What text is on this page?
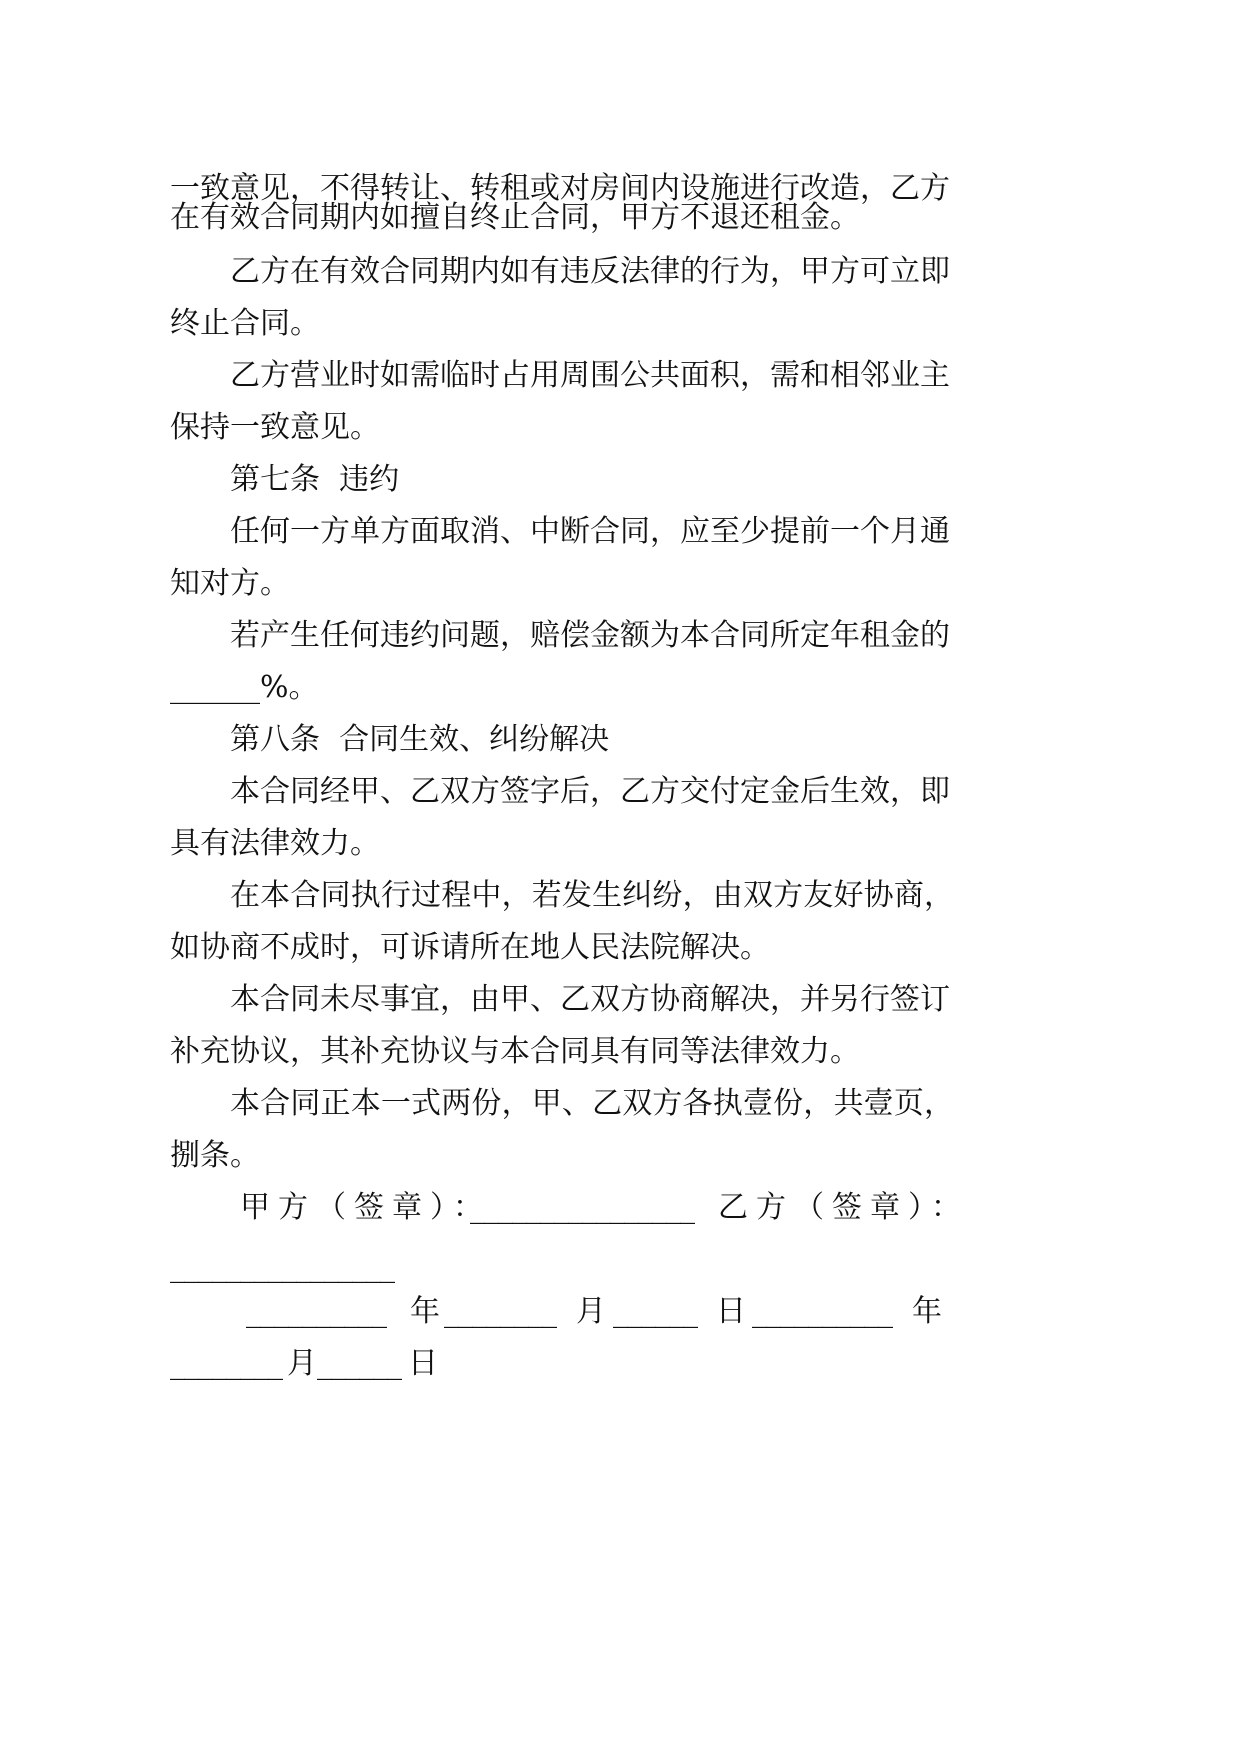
一致意见，不得转让、转租或对房间内设施进行改造，乙方
在有效合同期内如擅自终止合同，甲方不退还租金。
乙方在有效合同期内如有违反法律的行为，甲方可立即
终止合同。
乙方营业时如需临时占用周围公共面积，需和相邻业主
保持一致意见。
第七条  违约
任何一方单方面取消、中断合同，应至少提前一个月通
知对方。
若产生任何违约问题，赔偿金额为本合同所定年租金的
______%。
第八条  合同生效、纠纷解决
本合同经甲、乙双方签字后，乙方交付定金后生效，即
具有法律效力。
在本合同执行过程中，若发生纠纷，由双方友好协商，
如协商不成时，可诉请所在地人民法院解决。
本合同未尽事宜，由甲、乙双方协商解决，并另行签订
补充协议，其补充协议与本合同具有同等法律效力。
本合同正本一式两份，甲、乙双方各执壹份，共壹页，
捌条。
甲方（签章）：
________________ 乙方（签章）：
________________
__________ 年 ________ 月 ______ 日 __________ 年
________ 月 ______ 日
